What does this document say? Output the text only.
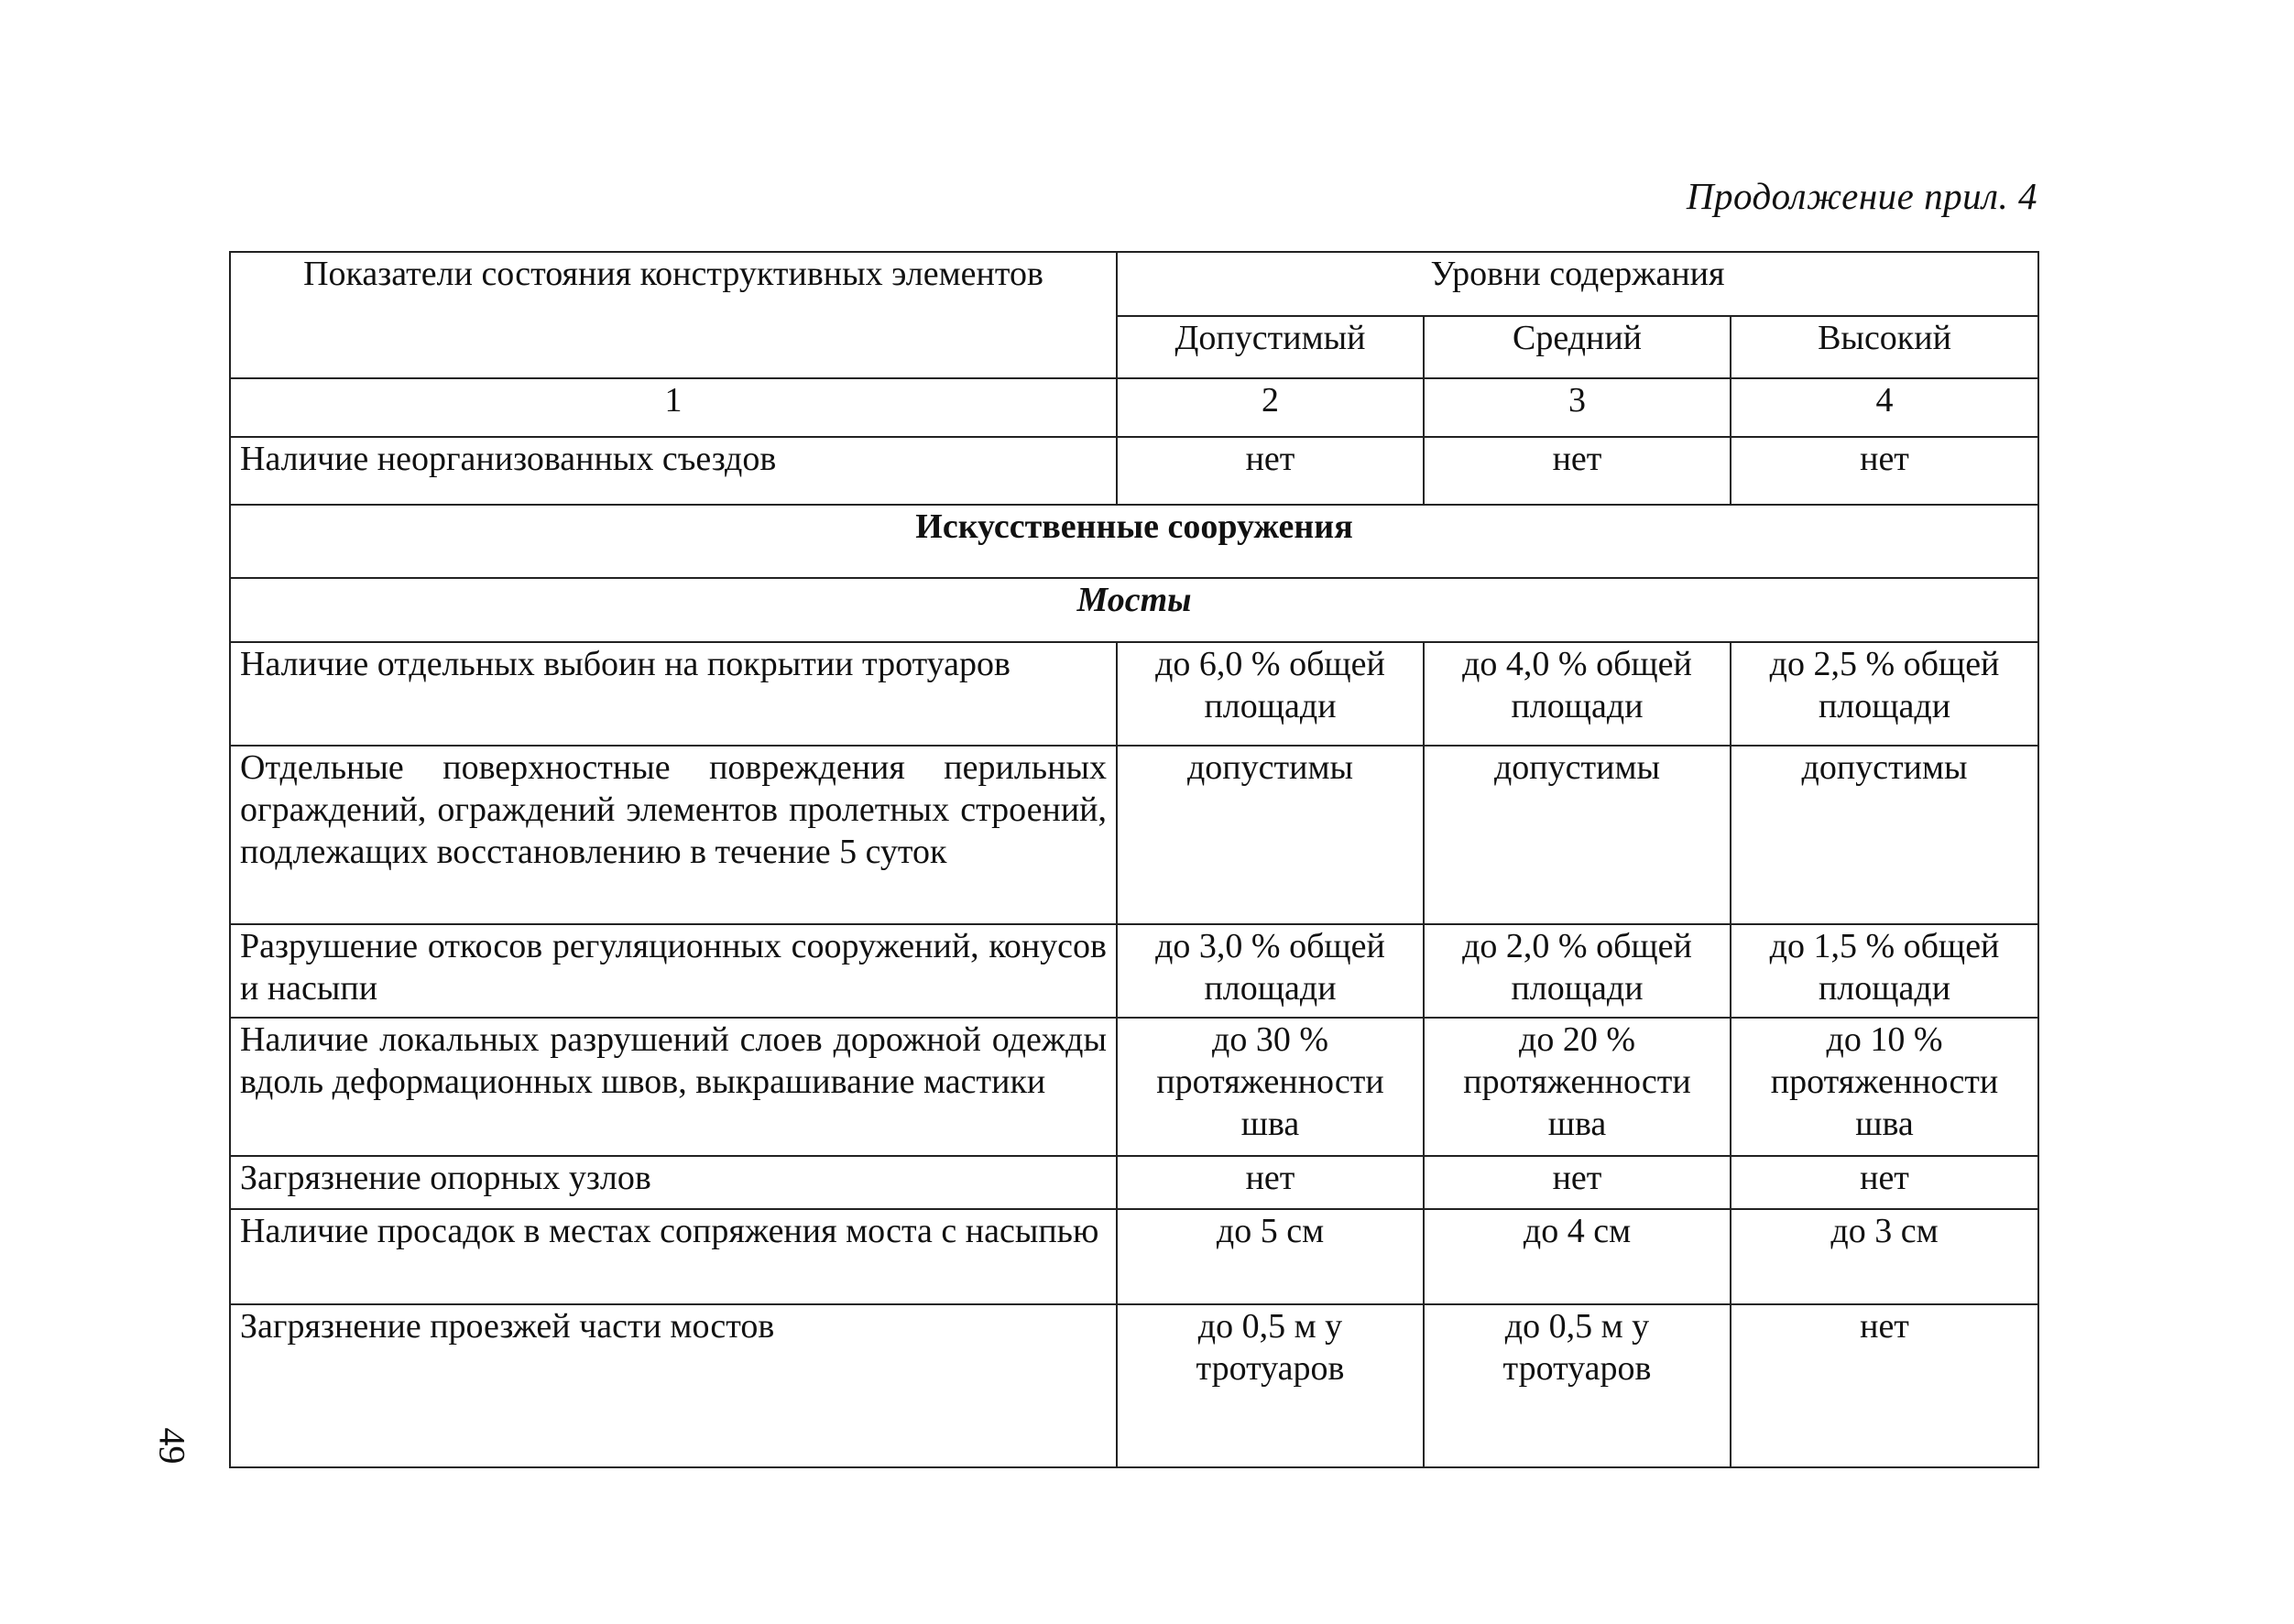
Продолжение прил. 4
49
Показатели состояния конструктивных элементов	Уровни содержания		
	Допустимый	Средний	Высокий
1	2	3	4
Наличие неорганизованных съездов	нет	нет	нет
Искусственные сооружения			
Мосты			
Наличие отдельных выбоин на покрытии тротуаров	до 6,0 % общей площади	до 4,0 % общей площади	до 2,5 % общей площади
Отдельные поверхностные повреждения перильных ограждений, ограждений элементов пролетных строений, подлежащих восстановлению в течение 5 суток	допустимы	допустимы	допустимы
Разрушение откосов регуляционных сооружений, конусов и насыпи	до 3,0 % общей площади	до 2,0 % общей площади	до 1,5 % общей площади
Наличие локальных разрушений слоев дорожной одежды вдоль деформационных швов, выкрашивание мастики	до 30 % протяженности шва	до 20 % протяженности шва	до 10 % протяженности шва
Загрязнение опорных узлов	нет	нет	нет
Наличие просадок в местах сопряжения моста с насыпью	до 5 см	до 4 см	до 3 см
Загрязнение проезжей части мостов	до 0,5 м у тротуаров	до 0,5 м у тротуаров	нет
